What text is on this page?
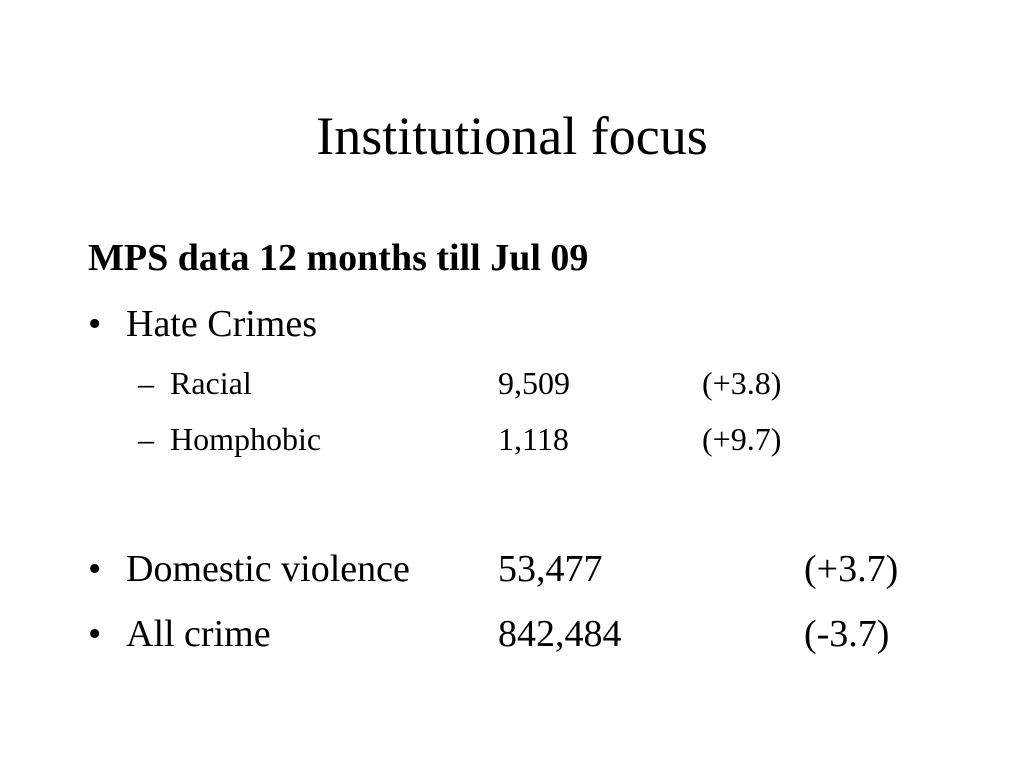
Institutional focus
MPS data 12 months till Jul 09
• Hate Crimes
– Racial	9,509	(+3.8)
– Homphobic	1,118	(+9.7)
• Domestic violence 53,477	(+3.7)
• All crime	842,484	(-3.7)
